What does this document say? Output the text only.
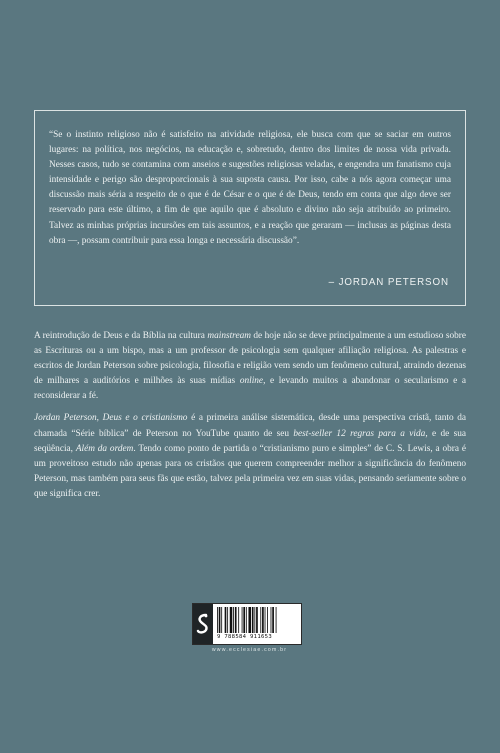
“Se o instinto religioso não é satisfeito na atividade religiosa, ele busca com que se saciar em outros lugares: na política, nos negócios, na educação e, sobretudo, dentro dos limites de nossa vida privada. Nesses casos, tudo se contamina com anseios e sugestões religiosas veladas, e engendra um fanatismo cuja intensidade e perigo são desproporcionais à sua suposta causa. Por isso, cabe a nós agora começar uma discussão mais séria a respeito de o que é de César e o que é de Deus, tendo em conta que algo deve ser reservado para este último, a fim de que aquilo que é absoluto e divino não seja atribuído ao primeiro. Talvez as minhas próprias incursões em tais assuntos, e a reação que geraram — inclusas as páginas desta obra —, possam contribuir para essa longa e necessária discussão”.

– JORDAN PETERSON

A reintrodução de Deus e da Bíblia na cultura mainstream de hoje não se deve principalmente a um estudioso sobre as Escrituras ou a um bispo, mas a um professor de psicologia sem qualquer afiliação religiosa. As palestras e escritos de Jordan Peterson sobre psicologia, filosofia e religião vem sendo um fenômeno cultural, atraindo dezenas de milhares a auditórios e milhões às suas mídias online, e levando muitos a abandonar o secularismo e a reconsiderar a fé.

Jordan Peterson, Deus e o cristianismo é a primeira análise sistemática, desde uma perspectiva cristã, tanto da chamada “Série bíblica” de Peterson no YouTube quanto de seu best-seller 12 regras para a vida, e de sua seqüência, Além da ordem. Tendo como ponto de partida o “cristianismo puro e simples” de C. S. Lewis, a obra é um proveitoso estudo não apenas para os cristãos que querem compreender melhor a significância do fenômeno Peterson, mas também para seus fãs que estão, talvez pela primeira vez em suas vidas, pensando seriamente sobre o que significa crer.

9 788584 911653
www.ecclesiae.com.br
